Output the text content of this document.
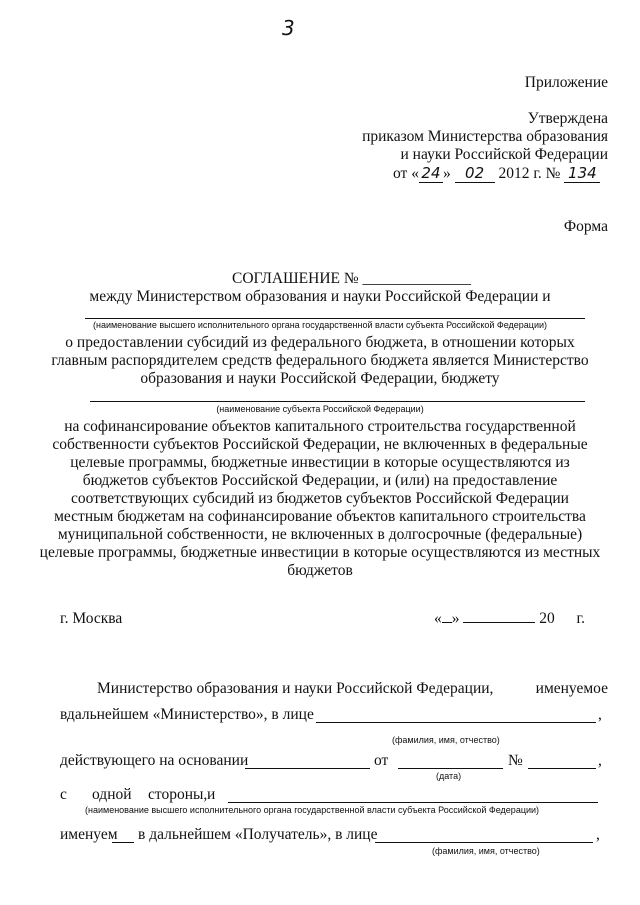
3
Приложение
Утверждена
приказом Министерства образования
и науки Российской Федерации
от « 24 » 02 2012 г. № 134
Форма
СОГЛАШЕНИЕ № ______________
между Министерством образования и науки Российской Федерации и
(наименование высшего исполнительного органа государственной власти субъекта Российской Федерации)
о предоставлении субсидий из федерального бюджета, в отношении которых
главным распорядителем средств федерального бюджета является Министерство
образования и науки Российской Федерации, бюджету
(наименование субъекта Российской Федерации)
на софинансирование объектов капитального строительства государственной
собственности субъектов Российской Федерации, не включенных в федеральные
целевые программы, бюджетные инвестиции в которые осуществляются из
бюджетов субъектов Российской Федерации, и (или) на предоставление
соответствующих субсидий из бюджетов субъектов Российской Федерации
местным бюджетам на софинансирование объектов капитального строительства
муниципальной собственности, не включенных в долгосрочные (федеральные)
целевые программы, бюджетные инвестиции в которые осуществляются из местных
бюджетов
г. Москва	« »	20 г.
Министерство образования и науки Российской Федерации,	именуемое
вдальнейшем «Министерство», в лице	,
(фамилия, имя, отчество)
действующего на основании	от	№	,
(дата)
с одной стороны, и
(наименование высшего исполнительного органа государственной власти субъекта Российской Федерации)
именуем в дальнейшем «Получатель», в лице	,
(фамилия, имя, отчество)
